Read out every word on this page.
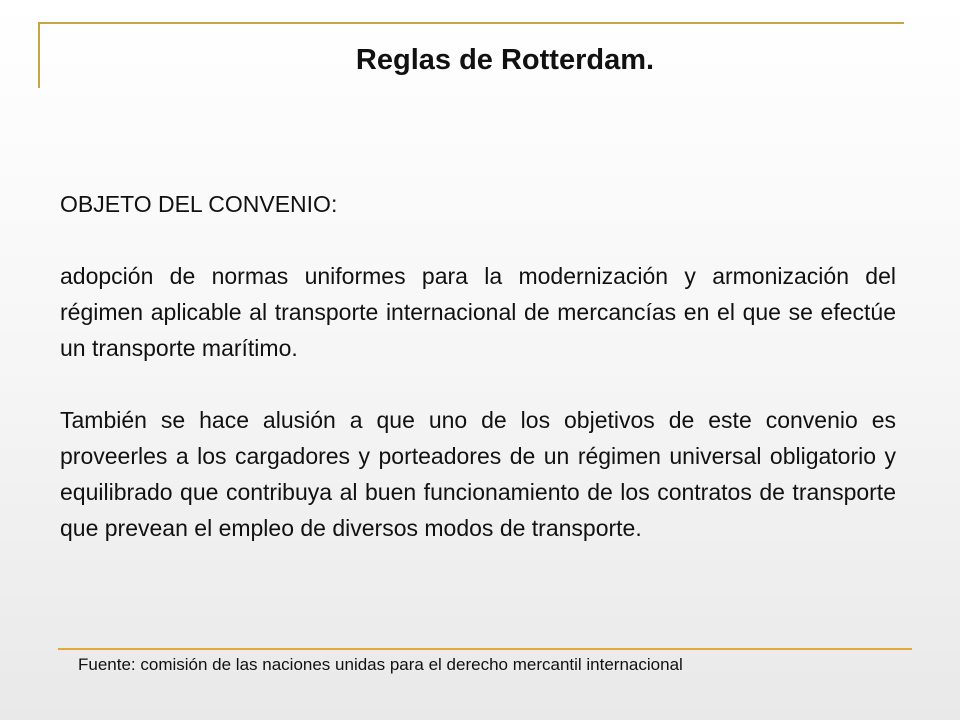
Reglas de Rotterdam.

OBJETO DEL CONVENIO:

adopción de normas uniformes para la modernización y armonización del régimen aplicable al transporte internacional de mercancías en el que se efectúe un transporte marítimo.

También se hace alusión a que uno de los objetivos de este convenio es proveerles a los cargadores y porteadores de un régimen universal obligatorio y equilibrado que contribuya al buen funcionamiento de los contratos de transporte que prevean el empleo de diversos modos de transporte.

Fuente: comisión de las naciones unidas para el derecho mercantil internacional
